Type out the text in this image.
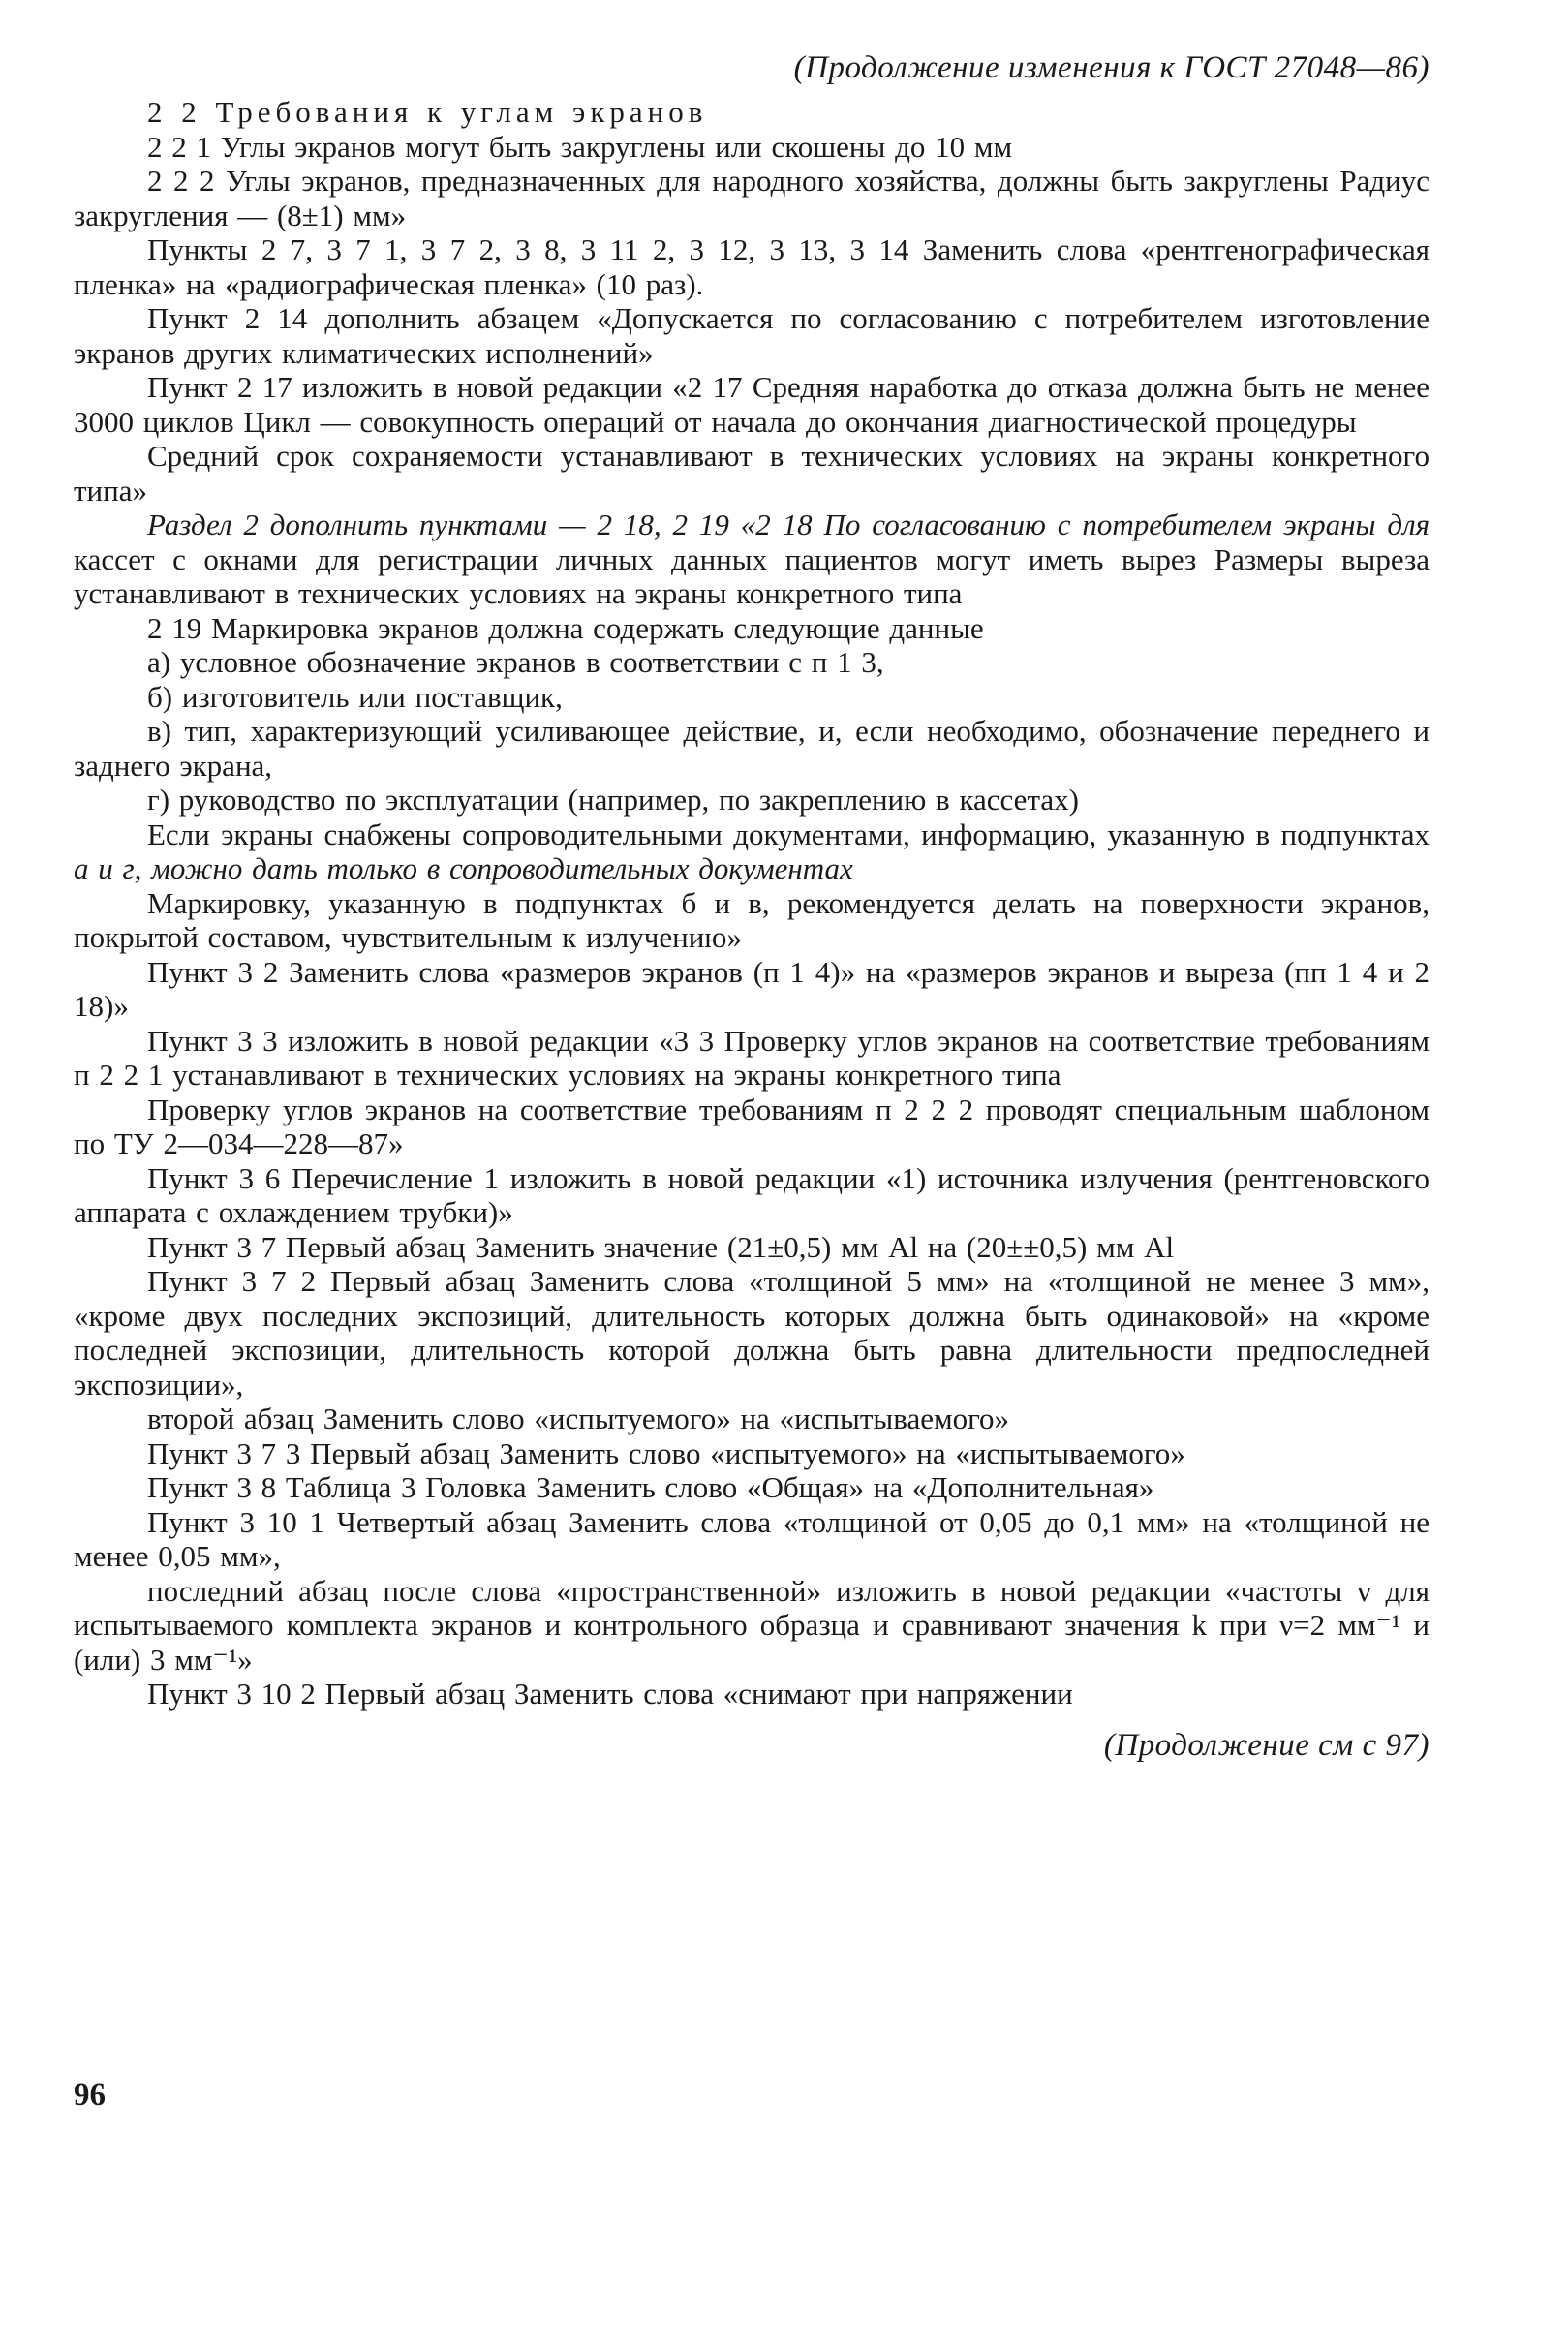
(Продолжение изменения к ГОСТ 27048—86)

2 2 Требования к углам экранов

2 2 1 Углы экранов могут быть закруглены или скошены до 10 мм

2 2 2 Углы экранов, предназначенных для народного хозяйства, должны быть закруглены Радиус закругления — (8±1) мм»

Пункты 2 7, 3 7 1, 3 7 2, 3 8, 3 11 2, 3 12, 3 13, 3 14 Заменить слова «рентгенографическая пленка» на «радиографическая пленка» (10 раз).

Пункт 2 14 дополнить абзацем «Допускается по согласованию с потребителем изготовление экранов других климатических исполнений»

Пункт 2 17 изложить в новой редакции «2 17 Средняя наработка до отказа должна быть не менее 3000 циклов Цикл — совокупность операций от начала до окончания диагностической процедуры

Средний срок сохраняемости устанавливают в технических условиях на экраны конкретного типа»

Раздел 2 дополнить пунктами — 2 18, 2 19 «2 18 По согласованию с потребителем экраны для кассет с окнами для регистрации личных данных пациентов могут иметь вырез Размеры выреза устанавливают в технических условиях на экраны конкретного типа

2 19 Маркировка экранов должна содержать следующие данные

а) условное обозначение экранов в соответствии с п 1 3,

б) изготовитель или поставщик,

в) тип, характеризующий усиливающее действие, и, если необходимо, обозначение переднего и заднего экрана,

г) руководство по эксплуатации (например, по закреплению в кассетах)

Если экраны снабжены сопроводительными документами, информацию, указанную в подпунктах а и г, можно дать только в сопроводительных документах

Маркировку, указанную в подпунктах б и в, рекомендуется делать на поверхности экранов, покрытой составом, чувствительным к излучению»

Пункт 3 2 Заменить слова «размеров экранов (п 1 4)» на «размеров экранов и выреза (пп 1 4 и 2 18)»

Пункт 3 3 изложить в новой редакции «3 3 Проверку углов экранов на соответствие требованиям п 2 2 1 устанавливают в технических условиях на экраны конкретного типа

Проверку углов экранов на соответствие требованиям п 2 2 2 проводят специальным шаблоном по ТУ 2—034—228—87»

Пункт 3 6 Перечисление 1 изложить в новой редакции «1) источника излучения (рентгеновского аппарата с охлаждением трубки)»

Пункт 3 7 Первый абзац Заменить значение (21±0,5) мм Al на (20±±0,5) мм Al

Пункт 3 7 2 Первый абзац Заменить слова «толщиной 5 мм» на «толщиной не менее 3 мм», «кроме двух последних экспозиций, длительность которых должна быть одинаковой» на «кроме последней экспозиции, длительность которой должна быть равна длительности предпоследней экспозиции»,

второй абзац Заменить слово «испытуемого» на «испытываемого»

Пункт 3 7 3 Первый абзац Заменить слово «испытуемого» на «испытываемого»

Пункт 3 8 Таблица 3 Головка Заменить слово «Общая» на «Дополнительная»

Пункт 3 10 1 Четвертый абзац Заменить слова «толщиной от 0,05 до 0,1 мм» на «толщиной не менее 0,05 мм»,

последний абзац после слова «пространственной» изложить в новой редакции «частоты ν для испытываемого комплекта экранов и контрольного образца и сравнивают значения k при ν=2 мм⁻¹ и (или) 3 мм⁻¹»

Пункт 3 10 2 Первый абзац Заменить слова «снимают при напряжении

(Продолжение см с 97)
96
